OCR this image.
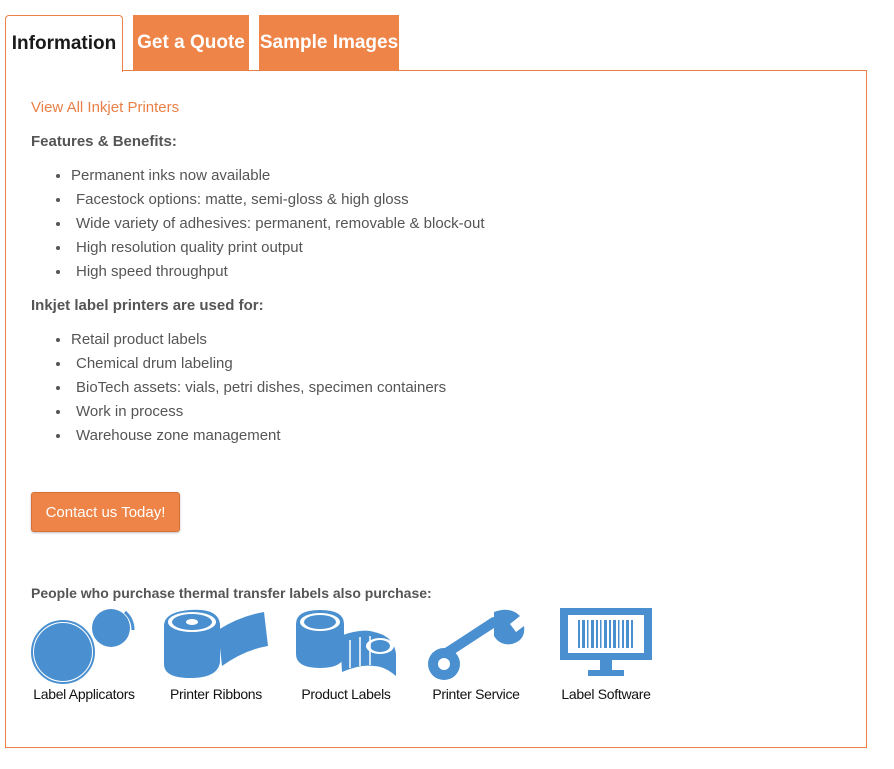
Information	Get a Quote Sample Images
View All Inkjet Printers
Features & Benefits:
• Permanent inks now available
• Facestock options: matte, semi-gloss & high gloss
• Wide variety of adhesives: permanent, removable & block-out
• High resolution quality print output
• High speed throughput
Inkjet label printers are used for:
• Retail product labels
• Chemical drum labeling
• BioTech assets: vials, petri dishes, specimen containers
• Work in process
• Warehouse zone management
Contact us Today!
People who purchase thermal transfer labels also purchase:
Label Applicators	Printer Ribbons	Product Labels	Printer Service	Label Software
